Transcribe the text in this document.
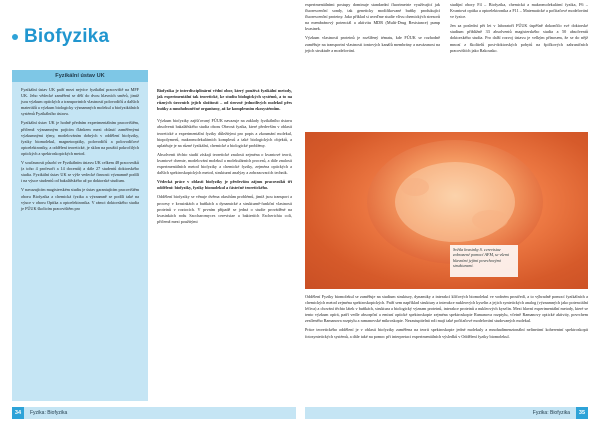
Biofyzika
Fyzikální ústav UK

Fyzikální ústav UK patří mezi nejvíce fyzikální pracoviště na MFF UK. Jeho vědecké zaměření se dělí do dvou hlavních směrů, jimiž jsou výzkum optických a transportních vlastností polovodičů a dalších materiálů a výzkum biologicky významných molekul a biofyzikálních systémů Fyzikálního ústavu.

Fyzikální ústav UK je hodně předním experimentálním pracovištěm, přičemž významným pojícím článkem mezi oblastí zaměřenými výzkumnými týmy, modelováním dobrých v oddělení biofyziky, fyziky biomolekul, magnetooptiky, polovodičů a polovodičové optoelektroniky, a oddělení teoretické, je sklon na použití pokročilých optických a spektroskopických metod.

V současnosti působí ve Fyzikálním ústavu UK celkem 48 pracovníků (z toho 4 profesoři a 14 docentů) a dále 27 studentů doktorského studia. Fyzikální ústav UK se výše vedecké činnosti významně podílí i na výuce studentů od bakalářského až po doktorské studium.

V navazujícím magisterském studiu je ústav garantujícím pracovištěm oboru Biofyzika a chemická fyzika a významně se podílí také na výuce v oboru Optika a optoelektronika. V rámci doktorského studia je FÚUK školicím pracovištěm pro

Biofyzika je interdisciplinární vědní obor, který používá fyzikální metody, jak experimentální tak teoretické, ke studiu biologických systémů, a to na různých úrovních jejich složitosti – od úrovně jednotlivých molekul přes buňky a mnohobuněčné organismy, až ke komplexním ekosystémům.

Výzkum biofyziky zajišťovaný FÚUK navazuje na zaklady fyzikálního ústavu absolventi bakalářského studia oboru Obecná fyzika, které především v oblasti teoretické a experimentální fyziky důležitými pro popis a zkoumání molekul, biopolymerů, makromolekulárních komplexů a také biologických objektů, a uplatňuje je na různé fyzikální, chemické a biologické problémy.

Absolventi těchto studií získají teoretické znalosti zejména o kvantové teorii, kvantové chemie, modelování molekul a molekulárních procesů, a dále znalosti experimentálních metod biofyziky a chemické fyziky, zejména optických a dalších spektroskopických metod, strukturní analýzy a zobrazovacích technik.

Vědecká práce v oblasti biofyziky je především zájmu pracovníků tří oddělení: biofyziky, fyziky biomolekul a částečně teoretického.

Oddělení biofyziky se věnuje dvěma okruhům problémů, jimiž jsou transport a procesy v kvasinkách a buňkách a dynamické a strukturně-funkční vlastnosti proteinů v roztocích. V prvním případě se jedná o studie prováděné na kvasinkách rodu Saccharomyces cerevisiae a bakteriích Escherichia coli, přičemž mezi použitými

experimentálními postupy dominuje standardní fluorimetrie využívající jak fluorescenční sondy, tak geneticky modifikované buňky produkující fluorescenční proteiny. Jako příklad si uveďme studie vlivu chemických stresorů na membránový potenciál a aktivitu MDR (Multi-Drug Resistance) pump kvasinek.

Výzkum vlastností proteinů je rozšířený tématu, kde FÚUK se rozhodně zaměřuje na transportní vlastnosti iontových kanálů membrány a navázanost na jejich struktuře a modelování.

studijní obory F4 – Biofyzika, chemická a makromolekulární fyzika, F6 – Kvantová optika a optoelektronika a F11 – Matematické a počítačové modelování ve fyzice.

Jen za poslední pět let v laboratoří FÚUK úspěšně dokončilo své doktorské studium přibližně 33 absolventů magisterského studia a 50 absolventů doktorského studia. Pro další rozvoj ústavu je velkým přínosem, že se do nějž mnozí z školitelů post-doktorských pobytů na špičkových zahraničních pracovištích jako Rakousko.

Světla kvasinky S. cerevisiae zobrazené pomocí AFM, se všemi hlavními jejími povrchovými strukturami.

Oddělení Fyziky biomolekul se zaměřuje na studium struktury, dynamiky a interakcí klíčových biomolekul ve vodném prostředí, a to výhradně pomocí fyzikálních a chemických metod zejména spektroskopických. Patří sem například struktury a interakce nukleových kyselin a jejich syntetických analog (významných jako potenciální léčiva) a chování těchto látek v buňkách, struktura a biologický význam proteinů, interakce proteinů a nukleových kyselin. Mezi hlavní experimentální metody, které se tento výzkum opírá, patří vedle absorpční a emisní optické spektroskopie zejména spektroskopie Ramanova rozptylu, včetně Ramanovy optické aktivity, povrchem zesíleného Ramanova rozptylu a ramanovské mikroskopie. Nezastupitelná roli mají také počítačové modelování studovaných molekul.

Práce teoretického oddělení je v oblasti biofyziky zaměřena na teorii spektroskopie jedné molekuly a mnohadimenzionální nelineární koherentní spektroskopii fotosyntetických systémů, a dále také na pomoc při interpretaci experimentálních výsledků v Oddělení fyziky biomolekul.

34	Fyzika: Biofyzika	Fyzika: Biofyzika	35
